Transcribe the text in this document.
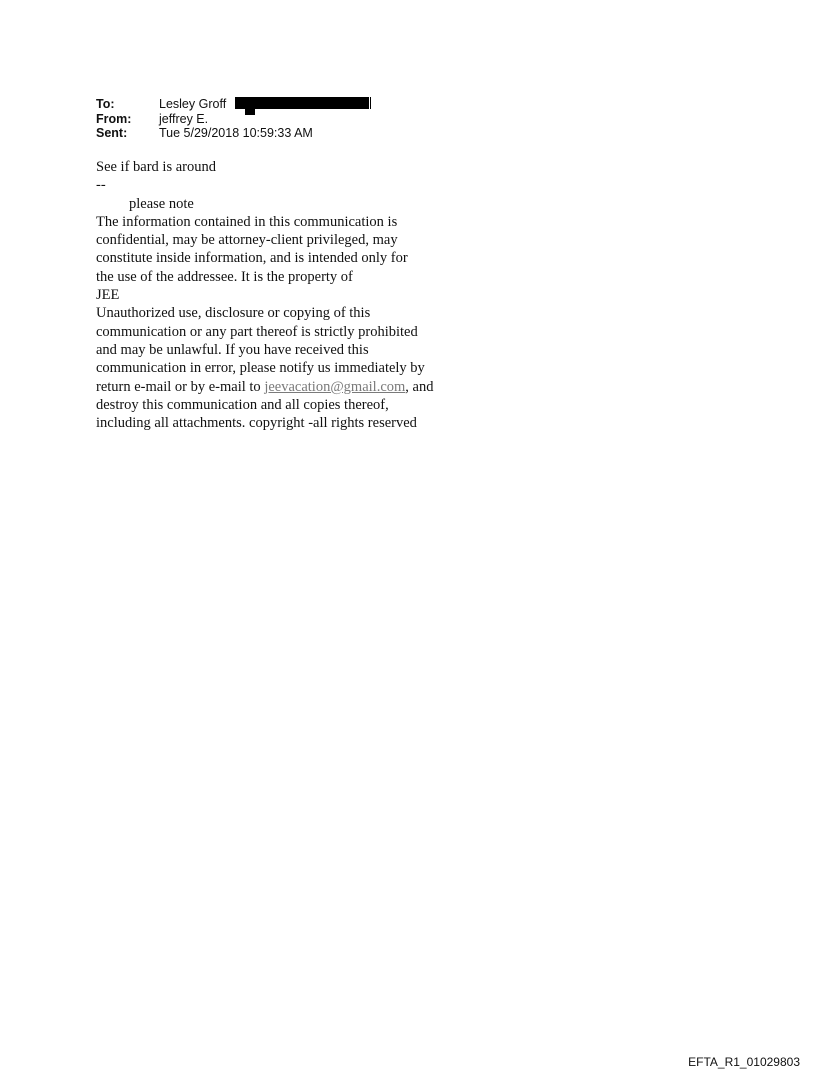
To:	Lesley Groff
From:	jeffrey E.
Sent:	Tue 5/29/2018 10:59:33 AM

See if bard is around

--

please note

The information contained in this communication is

confidential, may be attorney-client privileged, may

constitute inside information, and is intended only for

the use of the addressee. It is the property of

JEE

Unauthorized use, disclosure or copying of this

communication or any part thereof is strictly prohibited

and may be unlawful. If you have received this

communication in error, please notify us immediately by

return e-mail or by e-mail to jeevacation@gmail.com, and

destroy this communication and all copies thereof,

including all attachments. copyright -all rights reserved

EFTA_R1_01029803
